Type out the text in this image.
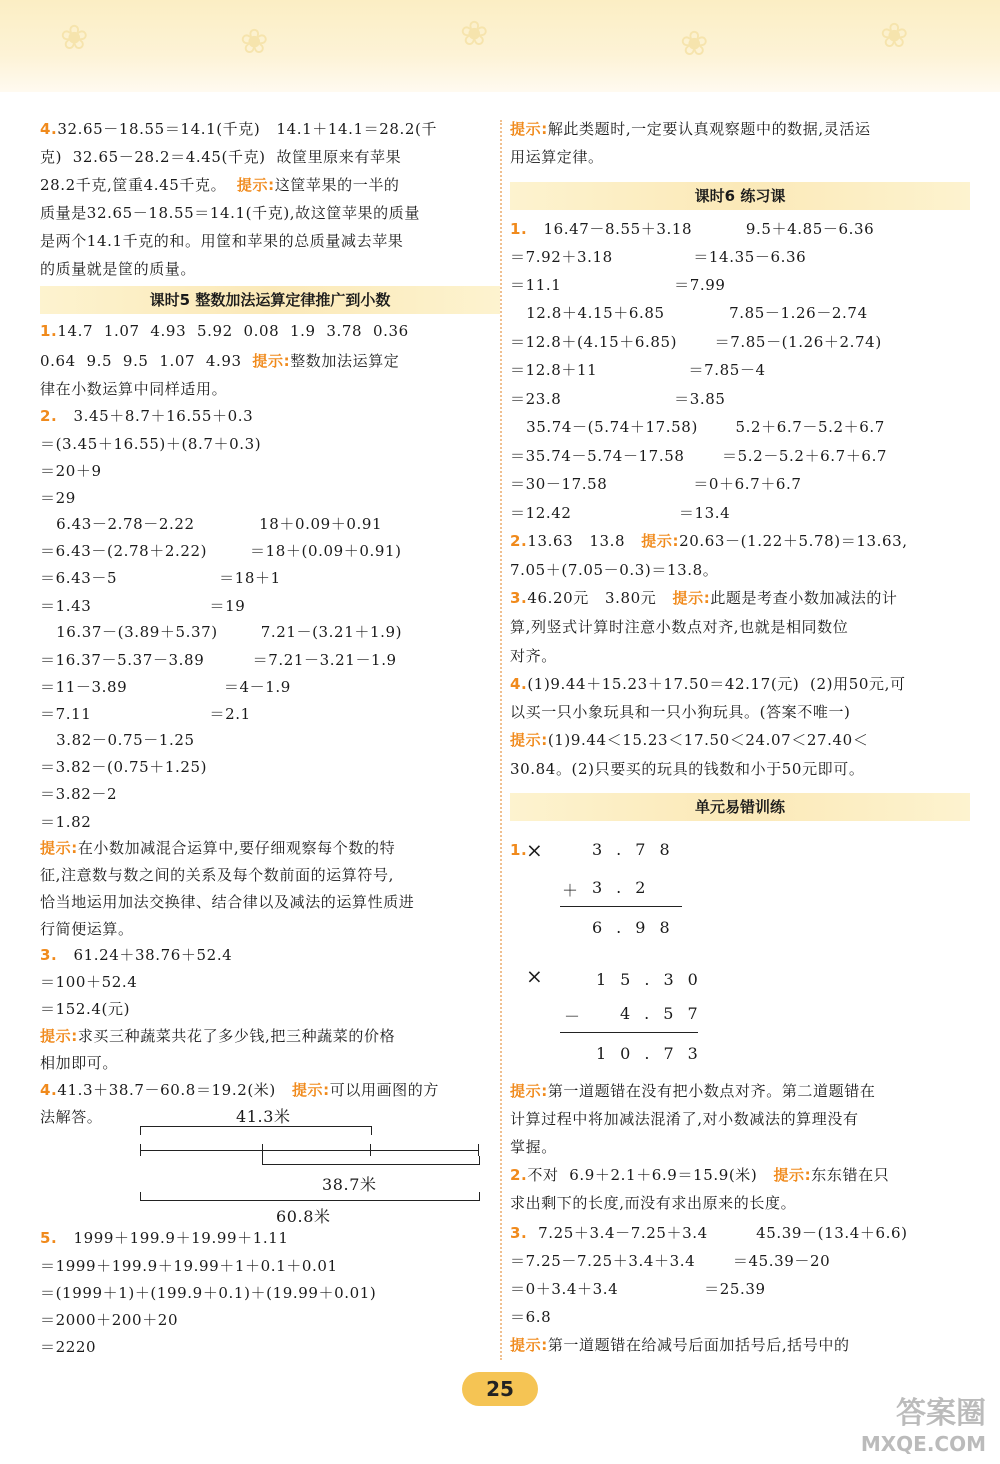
❀	❀	❀	❀	❀
41.3米
38.7米
60.8米
课时5 整数加法运算定律推广到小数
4.32.65－18.55＝14.1(千克)   14.1＋14.1＝28.2(千
克)  32.65－28.2＝4.45(千克)  故筐里原来有苹果
28.2千克,筐重4.45千克。  提示:这筐苹果的一半的
质量是32.65－18.55＝14.1(千克),故这筐苹果的质量
是两个14.1千克的和。用筐和苹果的总质量减去苹果
的质量就是筐的质量。
1.14.7  1.07  4.93  5.92  0.08  1.9  3.78  0.36
0.64  9.5  9.5  1.07  4.93  提示:整数加法运算定
律在小数运算中同样适用。
2.   3.45＋8.7＋16.55＋0.3
＝(3.45＋16.55)＋(8.7＋0.3)
＝20＋9
＝29
6.43－2.78－2.22            18＋0.09＋0.91
＝6.43－(2.78＋2.22)        ＝18＋(0.09＋0.91)
＝6.43－5                   ＝18＋1
＝1.43                      ＝19
16.37－(3.89＋5.37)        7.21－(3.21＋1.9)
＝16.37－5.37－3.89         ＝7.21－3.21－1.9
＝11－3.89                  ＝4－1.9
＝7.11                      ＝2.1
3.82－0.75－1.25
＝3.82－(0.75＋1.25)
＝3.82－2
＝1.82
提示:在小数加减混合运算中,要仔细观察每个数的特
征,注意数与数之间的关系及每个数前面的运算符号,
恰当地运用加法交换律、结合律以及减法的运算性质进
行简便运算。
3.   61.24＋38.76＋52.4
＝100＋52.4
＝152.4(元)
提示:求买三种蔬菜共花了多少钱,把三种蔬菜的价格
相加即可。
4.41.3＋38.7－60.8＝19.2(米)   提示:可以用画图的方
法解答。
5.   1999＋199.9＋19.99＋1.11
＝1999＋199.9＋19.99＋1＋0.1＋0.01
＝(1999＋1)＋(199.9＋0.1)＋(19.99＋0.01)
＝2000＋200＋20
＝2220
1.
×	3.78
＋ 3.2
6.98
×	15.30
－ 4.57
10.73
课时6 练习课
单元易错训练
提示:解此类题时,一定要认真观察题中的数据,灵活运
用运算定律。
1.   16.47－8.55＋3.18          9.5＋4.85－6.36
＝7.92＋3.18               ＝14.35－6.36
＝11.1                     ＝7.99
12.8＋4.15＋6.85            7.85－1.26－2.74
＝12.8＋(4.15＋6.85)       ＝7.85－(1.26＋2.74)
＝12.8＋11                 ＝7.85－4
＝23.8                     ＝3.85
35.74－(5.74＋17.58)       5.2＋6.7－5.2＋6.7
＝35.74－5.74－17.58       ＝5.2－5.2＋6.7＋6.7
＝30－17.58                ＝0＋6.7＋6.7
＝12.42                    ＝13.4
2.13.63   13.8   提示:20.63－(1.22＋5.78)＝13.63,
7.05＋(7.05－0.3)＝13.8。
3.46.20元   3.80元   提示:此题是考查小数加减法的计
算,列竖式计算时注意小数点对齐,也就是相同数位
对齐。
4.(1)9.44＋15.23＋17.50＝42.17(元)  (2)用50元,可
以买一只小象玩具和一只小狗玩具。(答案不唯一)
提示:(1)9.44＜15.23＜17.50＜24.07＜27.40＜
30.84。(2)只要买的玩具的钱数和小于50元即可。
提示:第一道题错在没有把小数点对齐。第二道题错在
计算过程中将加减法混淆了,对小数减法的算理没有
掌握。
2.不对  6.9＋2.1＋6.9＝15.9(米)   提示:东东错在只
求出剩下的长度,而没有求出原来的长度。
3.  7.25＋3.4－7.25＋3.4         45.39－(13.4＋6.6)
＝7.25－7.25＋3.4＋3.4       ＝45.39－20
＝0＋3.4＋3.4                ＝25.39
＝6.8
提示:第一道题错在给减号后面加括号后,括号中的
25
答案圈
MXQE.COM
